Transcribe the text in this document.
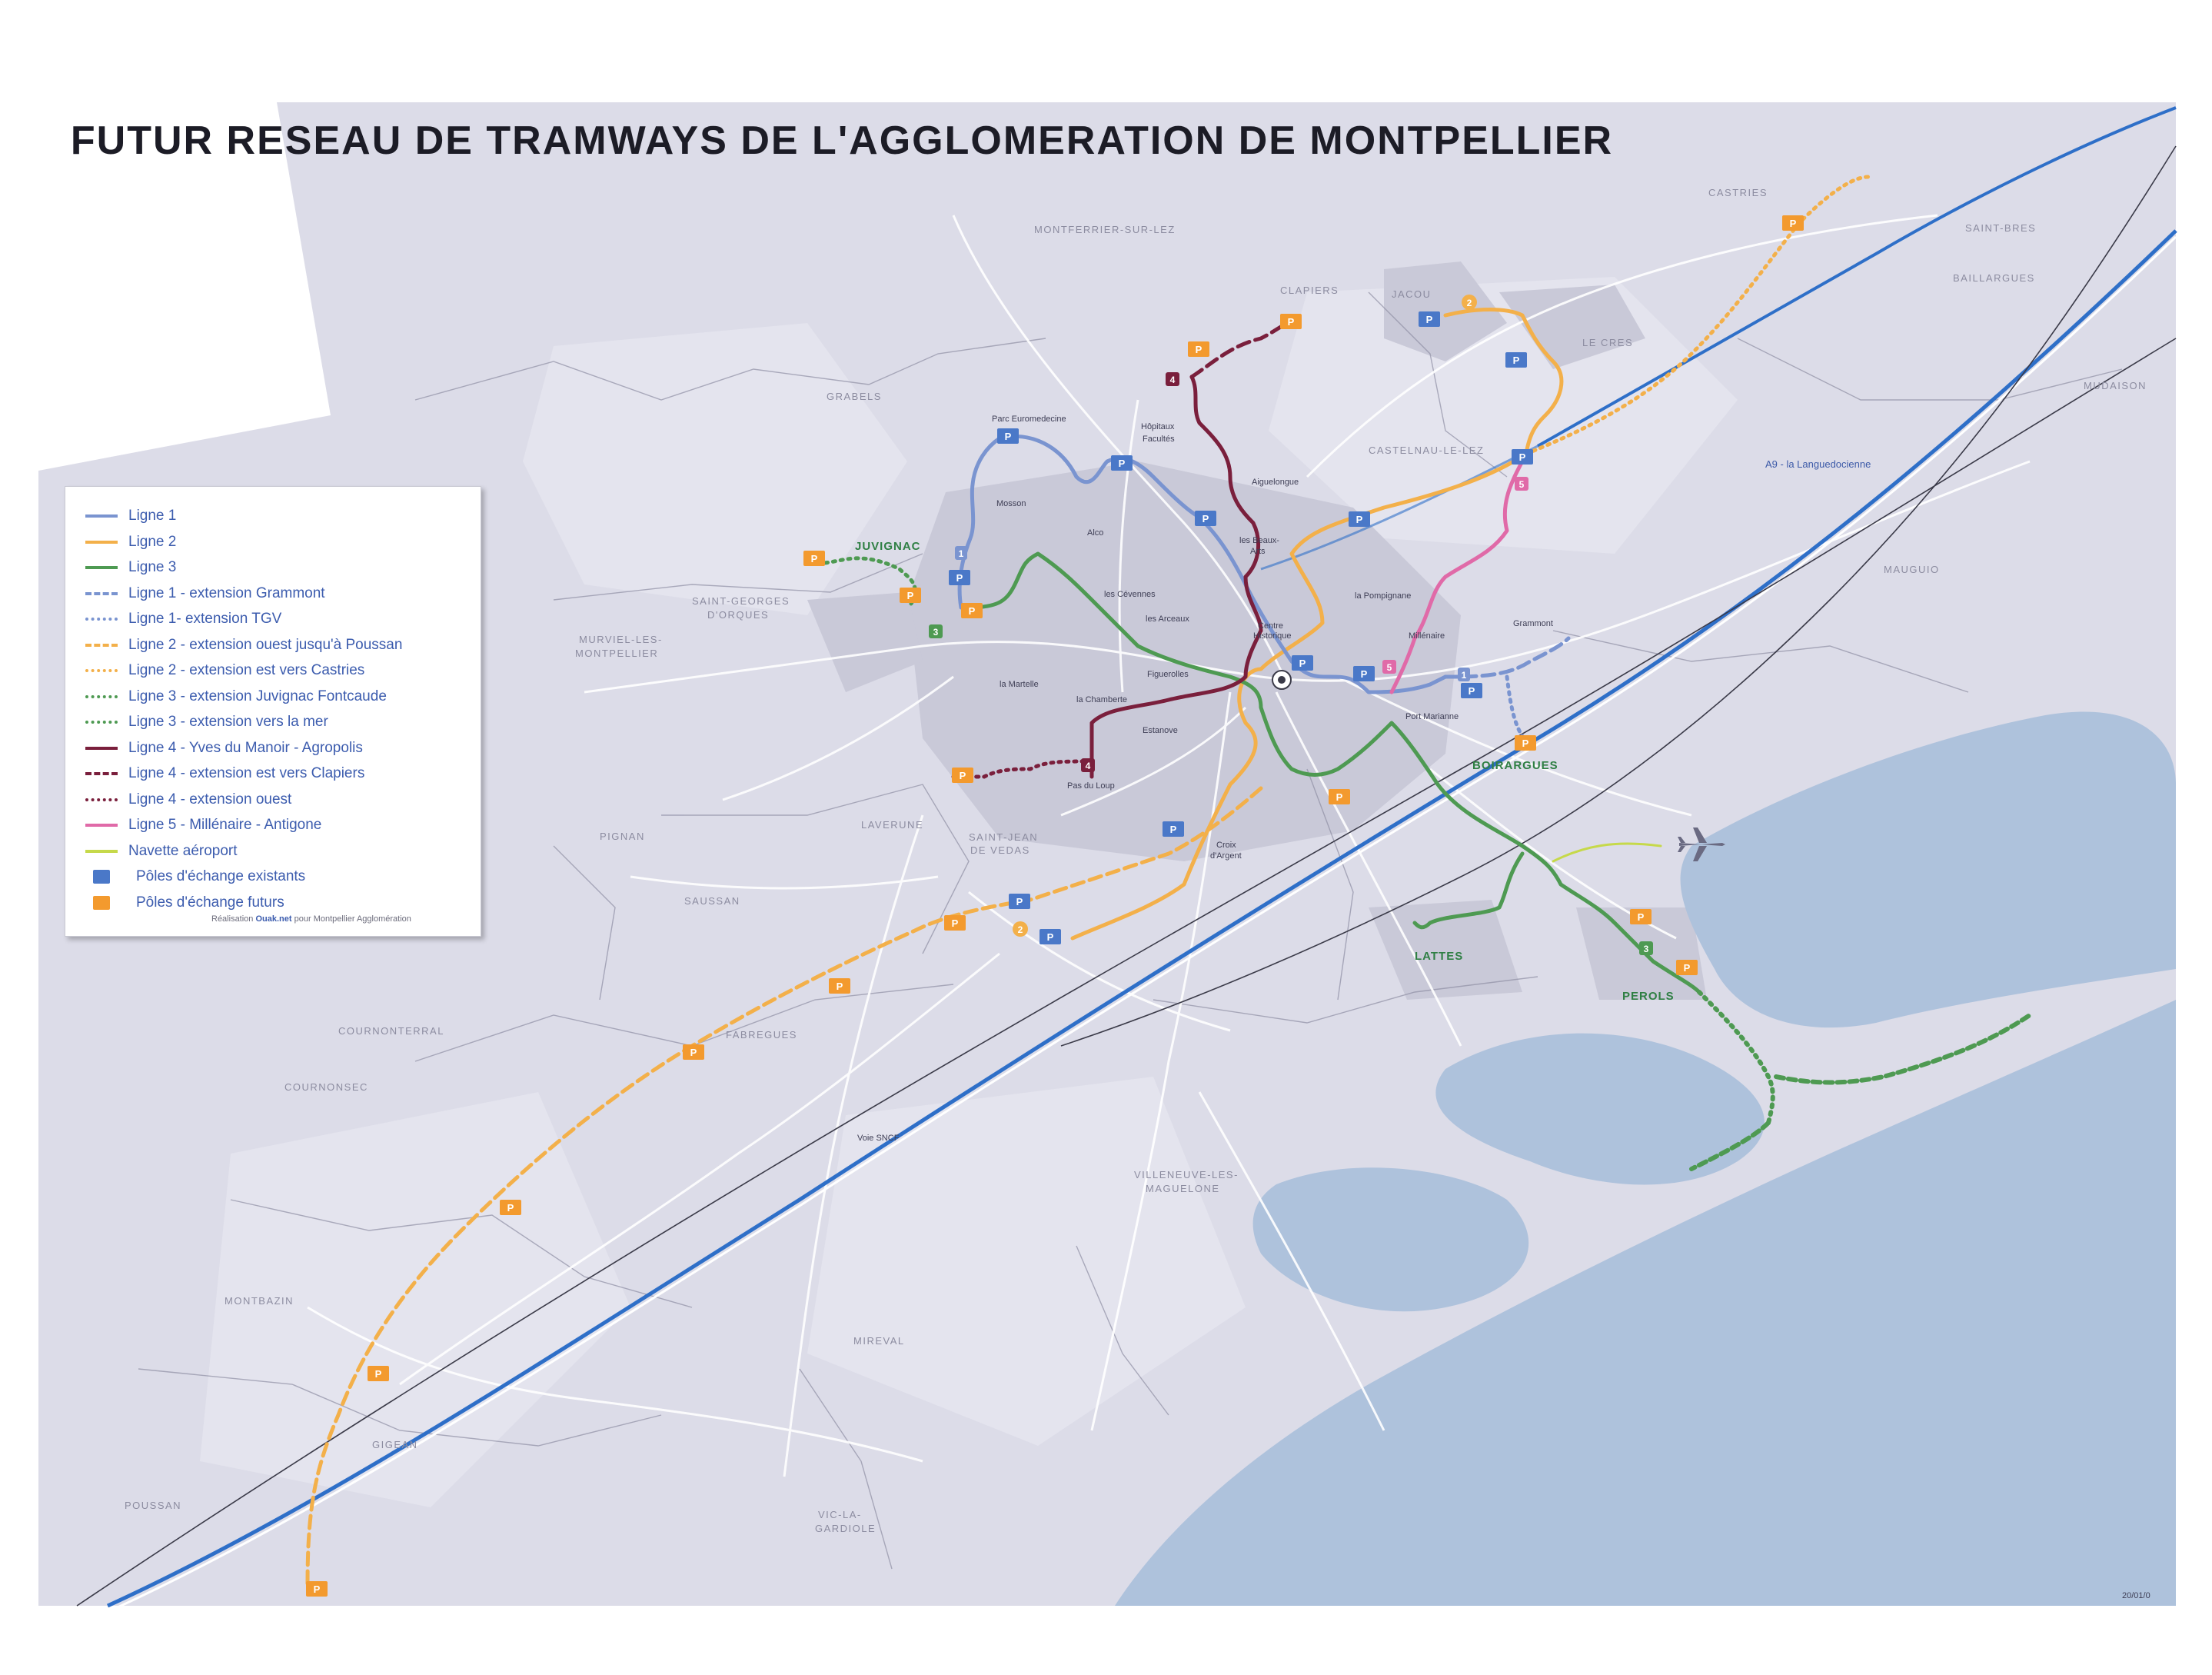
FUTUR RESEAU DE TRAMWAYS DE L'AGGLOMERATION DE MONTPELLIER
CASTRIES
SAINT-BRES
BAILLARGUES
MONTFERRIER-SUR-LEZ
CLAPIERS	JACOU
LE CRES
MUDAISON
GRABELS
CASTELNAU-LE-LEZ
MAUGUIO
JUVIGNAC
SAINT-GEORGES
D'ORQUES
MURVIEL-LES-
MONTPELLIER
PIGNAN
LAVERUNE
SAINT-JEAN
DE VEDAS
SAUSSAN
BOIRARGUES
LATTES
PEROLS
COURNONTERRAL	FABREGUES
COURNONSEC
VILLENEUVE-LES-
MAGUELONE
MONTBAZIN
MIREVAL
GIGEAN
POUSSAN
VIC-LA-
GARDIOLE
Parc Euromedecine
Mosson
Hôpitaux
Facultés
Aiguelongue
Alco
les Beaux-
Arts
les Cévennes
les Arceaux
Centre
Historique
la Pompignane
Millénaire
Grammont
la Martelle
Figuerolles
la Chamberte
Estanove
Pas du Loup
Port Marianne
Croix
d'Argent
A9 - la Languedocienne
Voie SNCF
20/01/0
P
P
P
P
P
P
P
P
P
P
P
P
P
P
P
P
P
P
P
P
P
P
P
P
P
P
P
P
P
P
P
1
1
2
2
3
3
4
4
5
5
Ligne 1
Ligne 2
Ligne 3
Ligne 1 - extension Grammont
Ligne 1- extension TGV
Ligne 2 - extension ouest jusqu'à Poussan
Ligne 2 - extension est vers Castries
Ligne 3 - extension Juvignac Fontcaude
Ligne 3 - extension vers la mer
Ligne 4 - Yves du Manoir - Agropolis
Ligne 4 - extension est vers Clapiers
Ligne 4 - extension ouest
Ligne 5 - Millénaire - Antigone
Navette aéroport
Pôles d'échange existants
Pôles d'échange futurs
Réalisation Ouak.net pour Montpellier Agglomération
